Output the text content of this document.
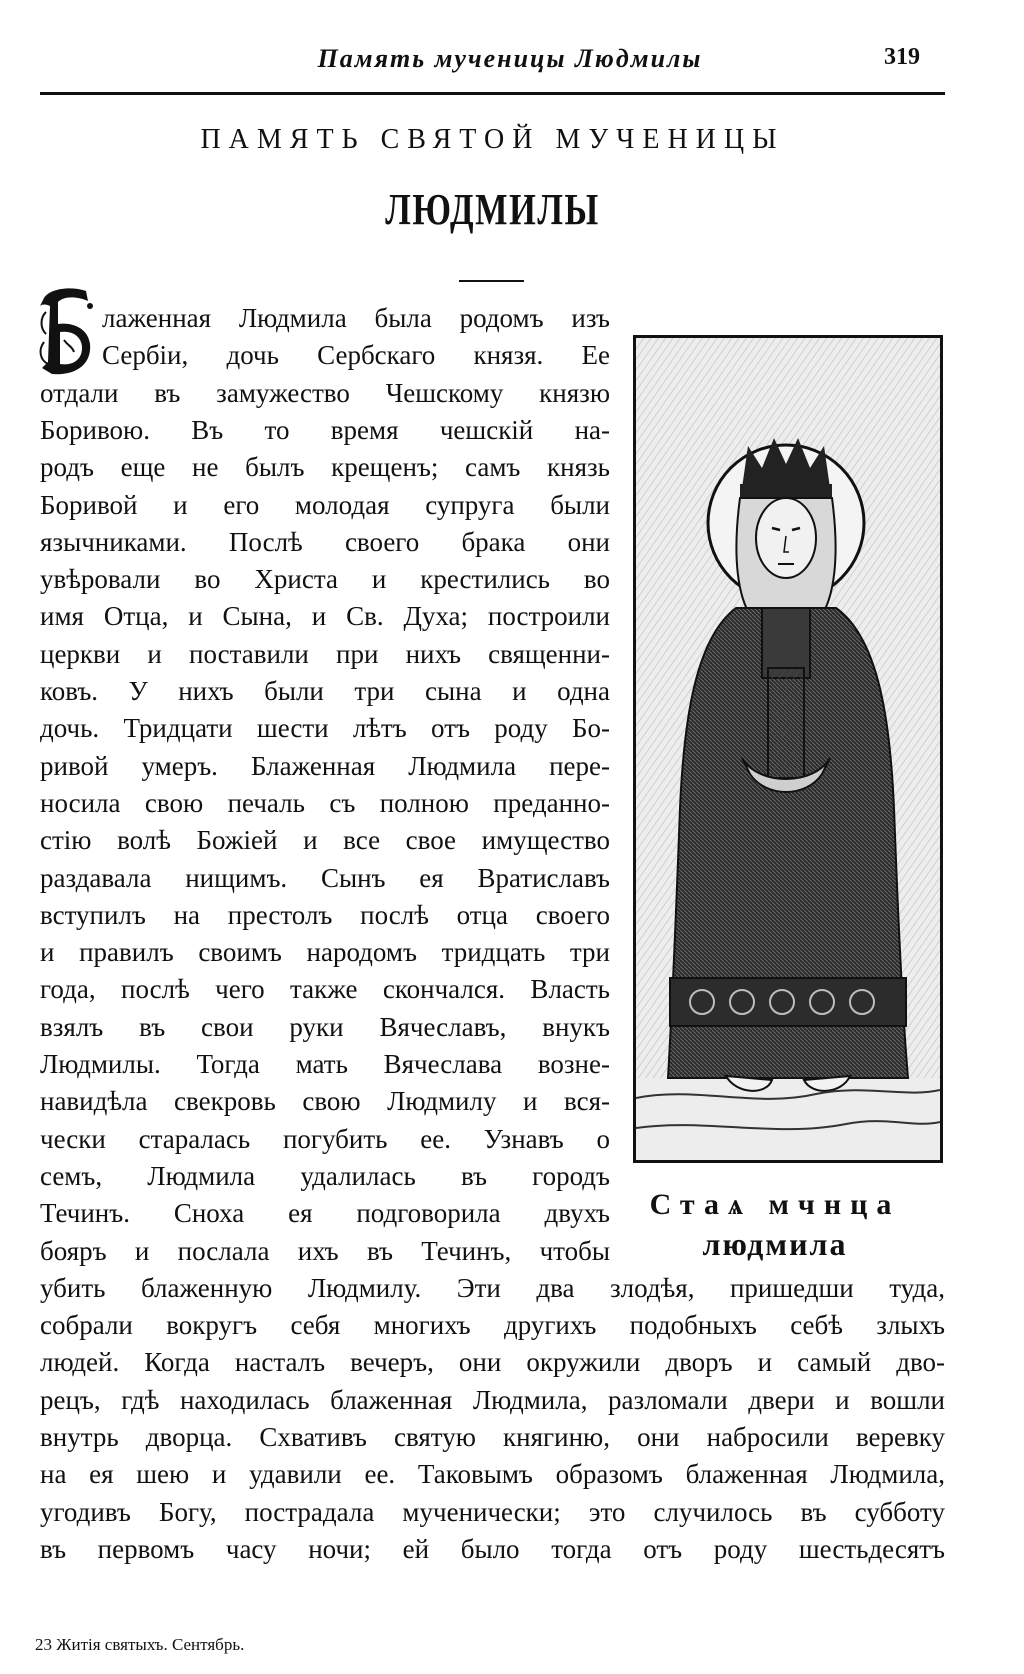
Память мученицы Людмилы	319
ПАМЯТЬ СВЯТОЙ МУЧЕНИЦЫ
ЛЮДМИЛЫ
лаженная Людмила была родомъ изъ
Сербіи, дочь Сербскаго князя. Ее
отдали въ замужество Чешскому князю
Боривою. Въ то время чешскій на-
родъ еще не былъ крещенъ; самъ князь
Боривой и его молодая супруга были
язычниками. Послѣ своего брака они
увѣровали во Христа и крестились во
имя Отца, и Сына, и Св. Духа; построили
церкви и поставили при нихъ священни-
ковъ. У нихъ были три сына и одна
дочь. Тридцати шести лѣтъ отъ роду Бо-
ривой умеръ. Блаженная Людмила пере-
носила свою печаль съ полною преданно-
стію волѣ Божіей и все свое имущество
раздавала нищимъ. Сынъ ея Вратиславъ
вступилъ на престолъ послѣ отца своего
и правилъ своимъ народомъ тридцать три
года, послѣ чего также скончался. Власть
взялъ въ свои руки Вячеславъ, внукъ
Людмилы. Тогда мать Вячеслава возне-
навидѣла свекровь свою Людмилу и вся-
чески старалась погубить ее. Узнавъ о
семъ, Людмила удалилась въ городъ
Течинъ. Сноха ея подговорила двухъ
бояръ и послала ихъ въ Течинъ, чтобы
убить блаженную Людмилу. Эти два злодѣя, пришедши туда,
собрали вокругъ себя многихъ другихъ подобныхъ себѣ злыхъ
людей. Когда насталъ вечеръ, они окружили дворъ и самый дво-
рецъ, гдѣ находилась блаженная Людмила, разломали двери и вошли
внутрь дворца. Схвативъ святую княгиню, они набросили веревку
на ея шею и удавили ее. Таковымъ образомъ блаженная Людмила,
угодивъ Богу, пострадала мученически; это случилось въ субботу
въ первомъ часу ночи; ей было тогда отъ роду шестьдесятъ
Стаѧ мчнца
людмила
23 Житія святыхъ. Сентябрь.
